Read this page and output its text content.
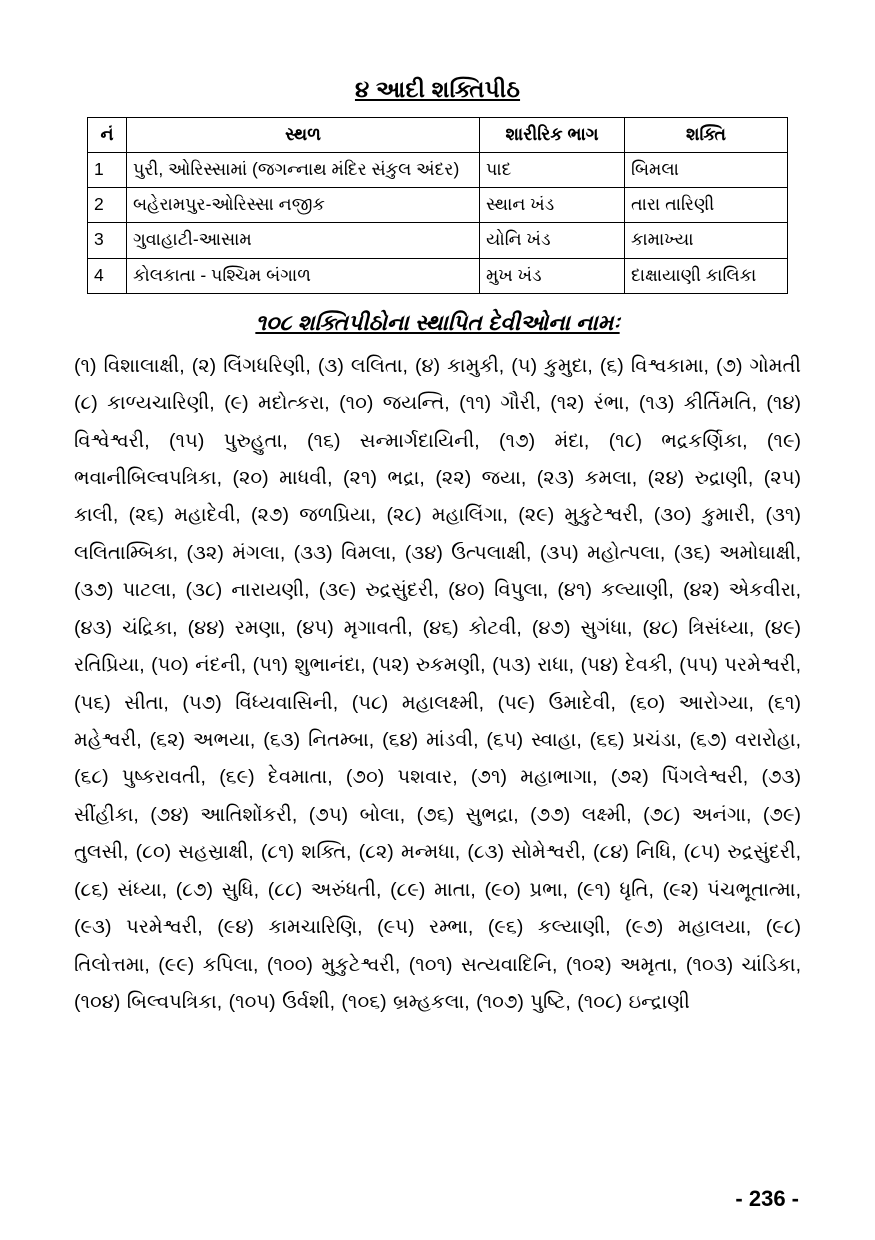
૪ આદી શક્તિપીઠ
નં	સ્થળ	શારીરિક ભાગ	શક્તિ
1	પુરી, ઓરિસ્સામાં (જગન્નાથ મંદિર સંકુલ અંદર)	પાદ	બિમલા
2	બહેરામપુર-ઓરિસ્સા નજીક	સ્થાન ખંડ	તારા તારિણી
3	ગુવાહાટી-આસામ	યોનિ ખંડ	કામાખ્યા
4	કોલકાતા - પશ્ચિમ બંગાળ	મુખ ખંડ	દાક્ષાયાણી કાલિકા
૧૦૮ શક્તિપીઠોના સ્થાપિત દેવીઓના નામઃ
(૧) વિશાલાક્ષી, (૨) લિંગધરિણી, (૩) લલિતા, (૪) કામુકી, (૫) કુમુદા, (૬) વિશ્વકામા, (૭) ગોમતી (૮) કાળ્યચારિણી, (૯) મદોત્કરા, (૧૦) જયન્તિ, (૧૧) ગૌરી, (૧૨) રંભા, (૧૩) કીર્તિમતિ, (૧૪) વિશ્વેશ્વરી, (૧૫) પુરુહુતા, (૧૬) સન્માર્ગદાયિની, (૧૭) મંદા, (૧૮) ભદ્રકર્ણિકા, (૧૯) ભવાનીબિલ્વપત્રિકા, (૨૦) માધવી, (૨૧) ભદ્રા, (૨૨) જયા, (૨૩) કમલા, (૨૪) રુદ્રાણી, (૨૫) કાલી, (૨૬) મહાદેવી, (૨૭) જળપ્રિયા, (૨૮) મહાલિંગા, (૨૯) મુકુટેશ્વરી, (૩૦) કુમારી, (૩૧) લલિતામ્બિકા, (૩૨) મંગલા, (૩૩) વિમલા, (૩૪) ઉત્પલાક્ષી, (૩૫) મહોત્પલા, (૩૬) અમોઘાક્ષી, (૩૭) પાટલા, (૩૮) નારાયણી, (૩૯) રુદ્રસુંદરી, (૪૦) વિપુલા, (૪૧) કલ્યાણી, (૪૨) એકવીરા, (૪૩) ચંદ્રિકા, (૪૪) રમણા, (૪૫) મૃગાવતી, (૪૬) કોટવી, (૪૭) સુગંધા, (૪૮) ત્રિસંધ્યા, (૪૯) રતિપ્રિયા, (૫૦) નંદની, (૫૧) શુભાનંદા, (૫૨) રુકમણી, (૫૩) રાધા, (૫૪) દેવકી, (૫૫) પરમેશ્વરી, (૫૬) સીતા, (૫૭) વિંધ્યવાસિની, (૫૮) મહાલક્ષ્મી, (૫૯) ઉમાદેવી, (૬૦) આરોગ્યા, (૬૧) મહેશ્વરી, (૬૨) અભયા, (૬૩) નિતમ્બા, (૬૪) માંડવી, (૬૫) સ્વાહા, (૬૬) પ્રચંડા, (૬૭) વરારોહા, (૬૮) પુષ્કરાવતી, (૬૯) દેવમાતા, (૭૦) પશવાર, (૭૧) મહાભાગા, (૭૨) પિંગલેશ્વરી, (૭૩) સીંહીકા, (૭૪) આતિશોંકરી, (૭૫) બોલા, (૭૬) સુભદ્રા, (૭૭) લક્ષ્મી, (૭૮) અનંગા, (૭૯) તુલસી, (૮૦) સહસ્રાક્ષી, (૮૧) શક્તિ, (૮૨) મન્મધા, (૮૩) સોમેશ્વરી, (૮૪) નિધિ, (૮૫) રુદ્રસુંદરી, (૮૬) સંધ્યા, (૮૭) સુધિ, (૮૮) અરુંધતી, (૮૯) માતા, (૯૦) પ્રભા, (૯૧) ધૃતિ, (૯૨) પંચભૂતાત્મા, (૯૩) પરમેશ્વરી, (૯૪) કામચારિણિ, (૯૫) રમ્ભા, (૯૬) કલ્યાણી, (૯૭) મહાલયા, (૯૮) તિલોત્તમા, (૯૯) કપિલા, (૧૦૦) મુકુટેશ્વરી, (૧૦૧) સત્યવાદિનિ, (૧૦૨) અમૃતા, (૧૦૩) ચાંડિકા, (૧૦૪) બિલ્વપત્રિકા, (૧૦૫) ઉર્વશી, (૧૦૬) બ્રમ્હકલા, (૧૦૭) પુષ્ટિ, (૧૦૮) ઇન્દ્રાણી
- 236 -
